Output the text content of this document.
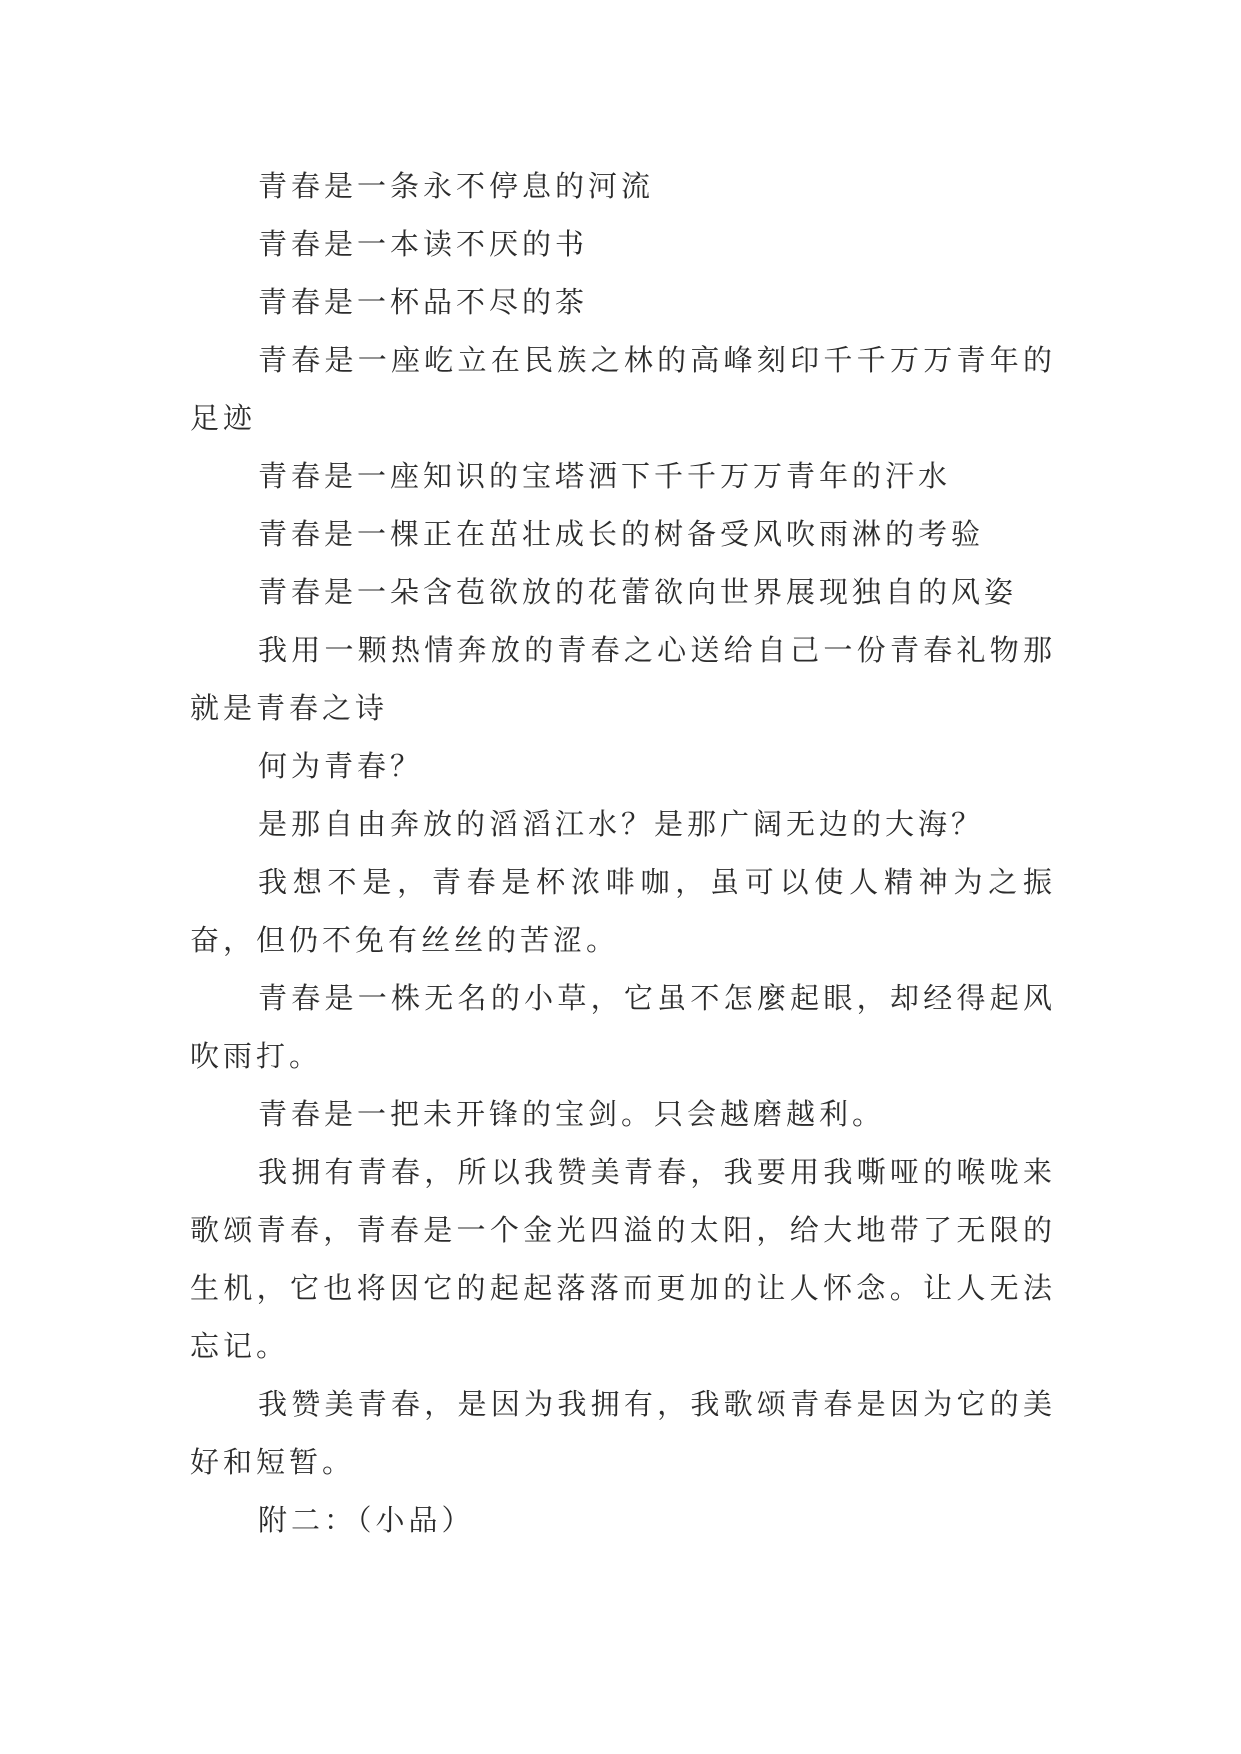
青春是一条永不停息的河流

青春是一本读不厌的书

青春是一杯品不尽的茶

青春是一座屹立在民族之林的高峰刻印千千万万青年的足迹

青春是一座知识的宝塔洒下千千万万青年的汗水

青春是一棵正在茁壮成长的树备受风吹雨淋的考验

青春是一朵含苞欲放的花蕾欲向世界展现独自的风姿

我用一颗热情奔放的青春之心送给自己一份青春礼物那就是青春之诗

何为青春？

是那自由奔放的滔滔江水？是那广阔无边的大海？

我想不是，青春是杯浓啡咖，虽可以使人精神为之振奋，但仍不免有丝丝的苦涩。

青春是一株无名的小草，它虽不怎麼起眼，却经得起风吹雨打。

青春是一把未开锋的宝剑。只会越磨越利。

我拥有青春，所以我赞美青春，我要用我嘶哑的喉咙来歌颂青春，青春是一个金光四溢的太阳，给大地带了无限的生机，它也将因它的起起落落而更加的让人怀念。让人无法忘记。

我赞美青春，是因为我拥有，我歌颂青春是因为它的美好和短暂。

附二：（小品）
